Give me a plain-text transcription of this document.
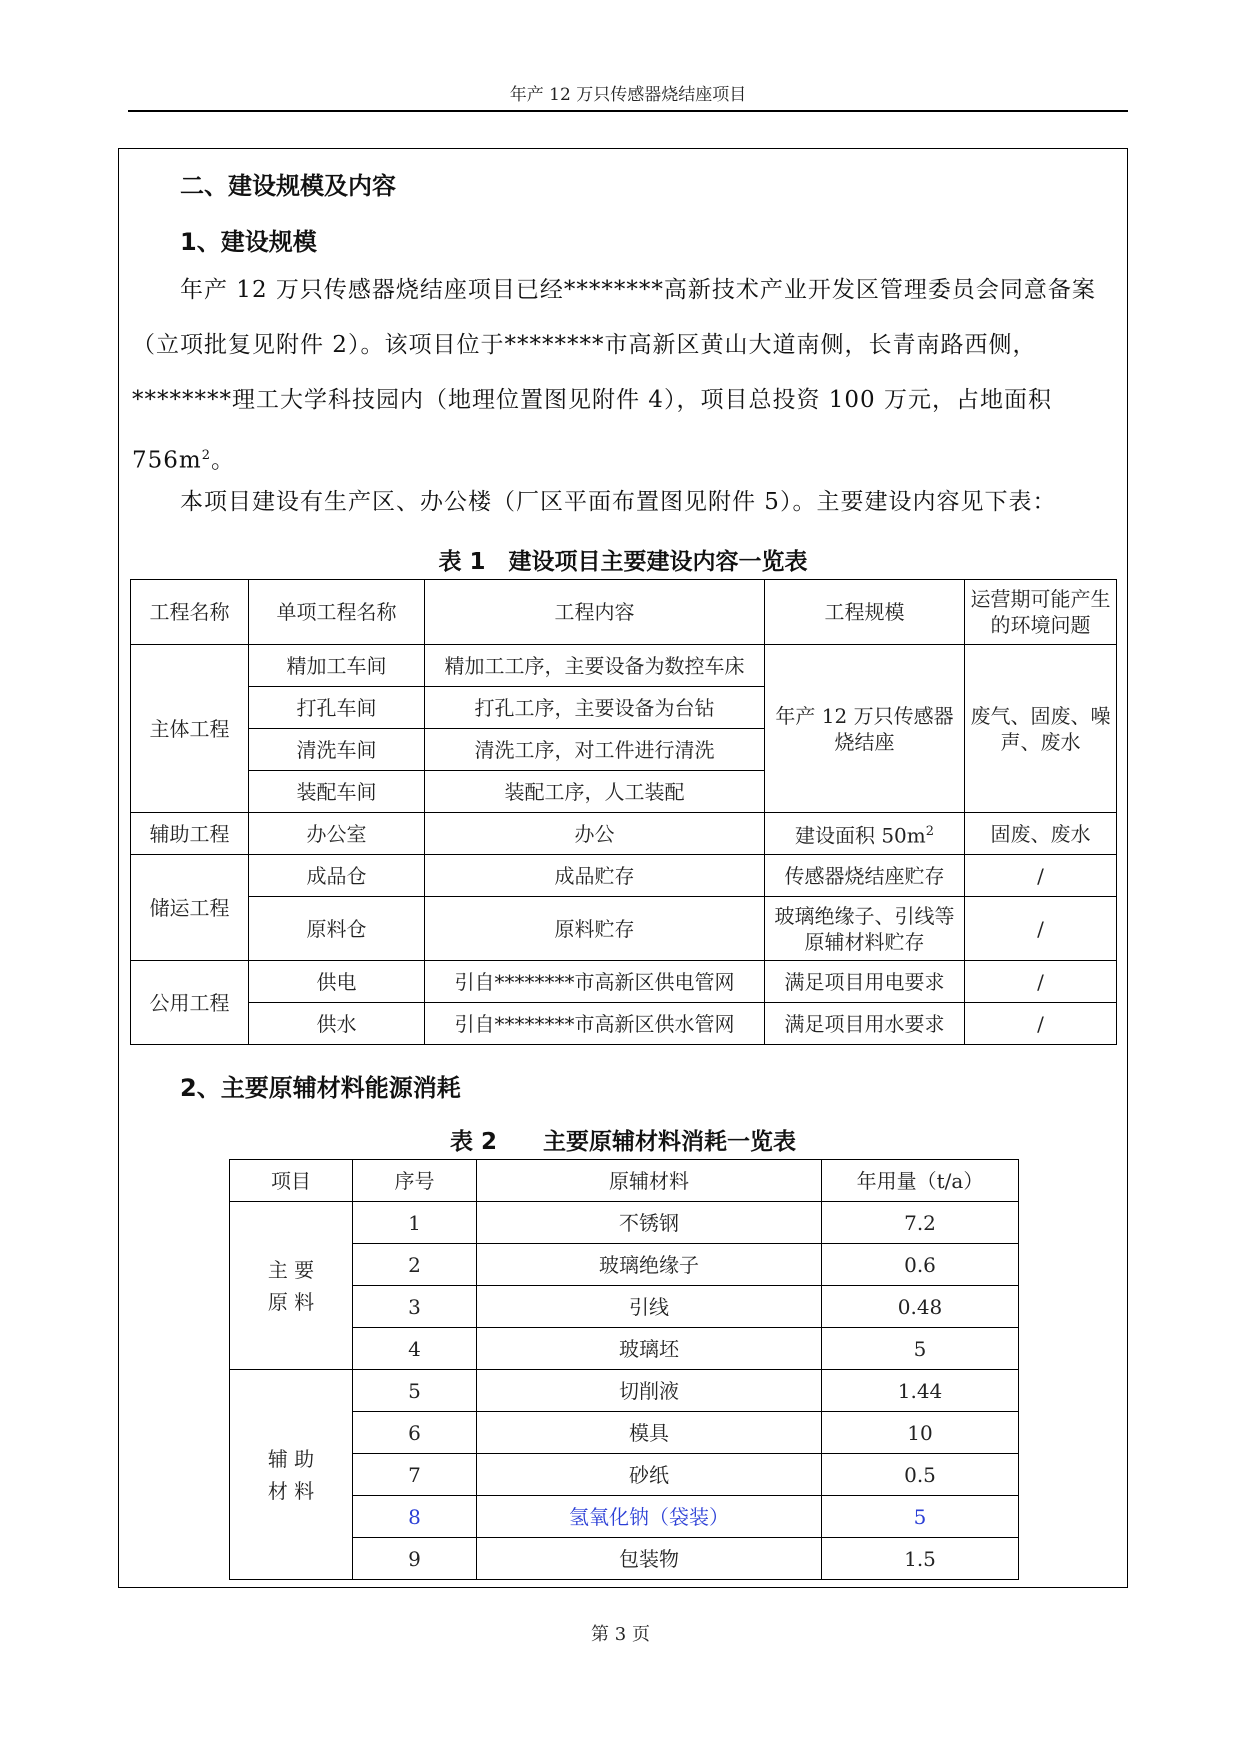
年产 12 万只传感器烧结座项目
二、建设规模及内容
1、建设规模
年产 12 万只传感器烧结座项目已经********高新技术产业开发区管理委员会同意备案（立项批复见附件 2）。该项目位于********市高新区黄山大道南侧，长青南路西侧，********理工大学科技园内（地理位置图见附件 4），项目总投资 100 万元，占地面积 $756m^2$。
本项目建设有生产区、办公楼（厂区平面布置图见附件 5）。主要建设内容见下表：
表 1　建设项目主要建设内容一览表
工程名称	单项工程名称	工程内容	工程规模	运营期可能产生的环境问题
主体工程	精加工车间	精加工工序，主要设备为数控车床	年产 12 万只传感器烧结座	废气、固废、噪声、废水
	打孔车间	打孔工序，主要设备为台钻		
	清洗车间	清洗工序，对工件进行清洗		
	装配车间	装配工序，人工装配		
辅助工程	办公室	办公	建设面积 $50m^2$	固废、废水
储运工程	成品仓	成品贮存	传感器烧结座贮存	/
	原料仓	原料贮存	玻璃绝缘子、引线等原辅材料贮存	/
公用工程	供电	引自********市高新区供电管网	满足项目用电要求	/
	供水	引自********市高新区供水管网	满足项目用水要求	/
2、主要原辅材料能源消耗
表 2　　主要原辅材料消耗一览表
项目	序号	原辅材料	年用量（t/a）
主 要
原 料	1	不锈钢	7.2
	2	玻璃绝缘子	0.6
	3	引线	0.48
	4	玻璃坯	5
辅 助
材 料	5	切削液	1.44
	6	模具	10
	7	砂纸	0.5
	8	氢氧化钠（袋装）	5
	9	包装物	1.5
第 3 页
